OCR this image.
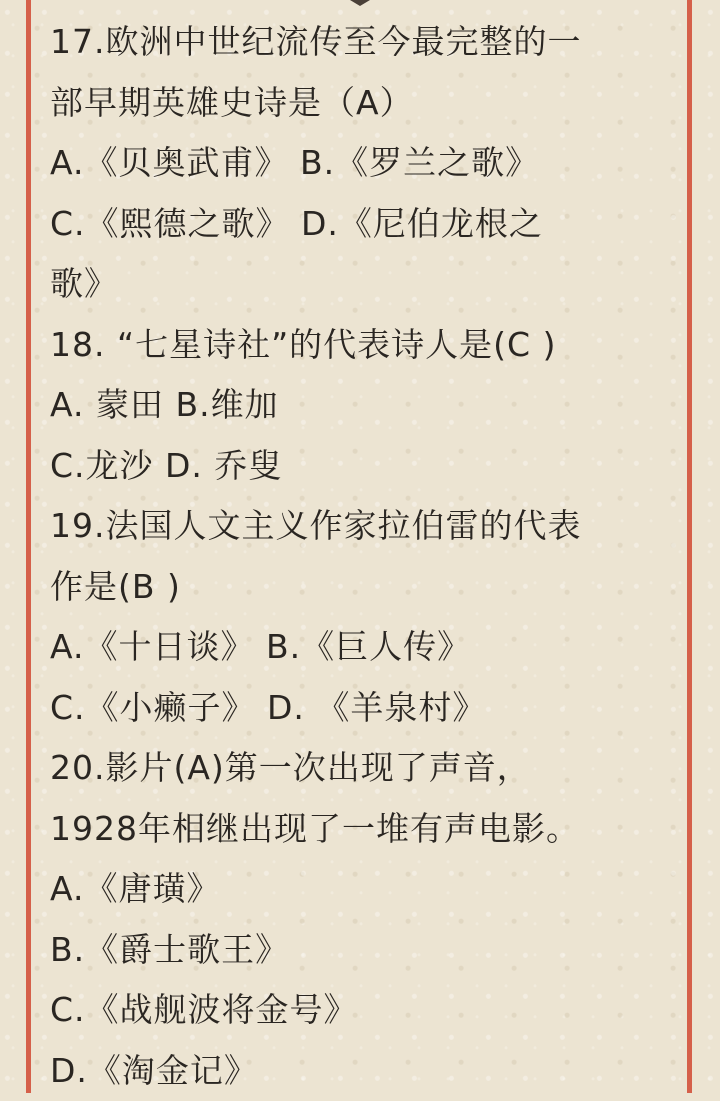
17.欧洲中世纪流传至今最完整的一
部早期英雄史诗是（A）
A.《贝奥武甫》 B.《罗兰之歌》
C.《熙德之歌》 D.《尼伯龙根之
歌》
18. “七星诗社”的代表诗人是(C )
A. 蒙田 B.维加
C.龙沙 D. 乔叟
19.法国人文主义作家拉伯雷的代表
作是(B )
A.《十日谈》 B.《巨人传》
C.《小癞子》 D. 《羊泉村》
20.影片(A)第一次出现了声音，
1928年相继出现了一堆有声电影。
A.《唐璜》
B.《爵士歌王》
C.《战舰波将金号》
D.《淘金记》
